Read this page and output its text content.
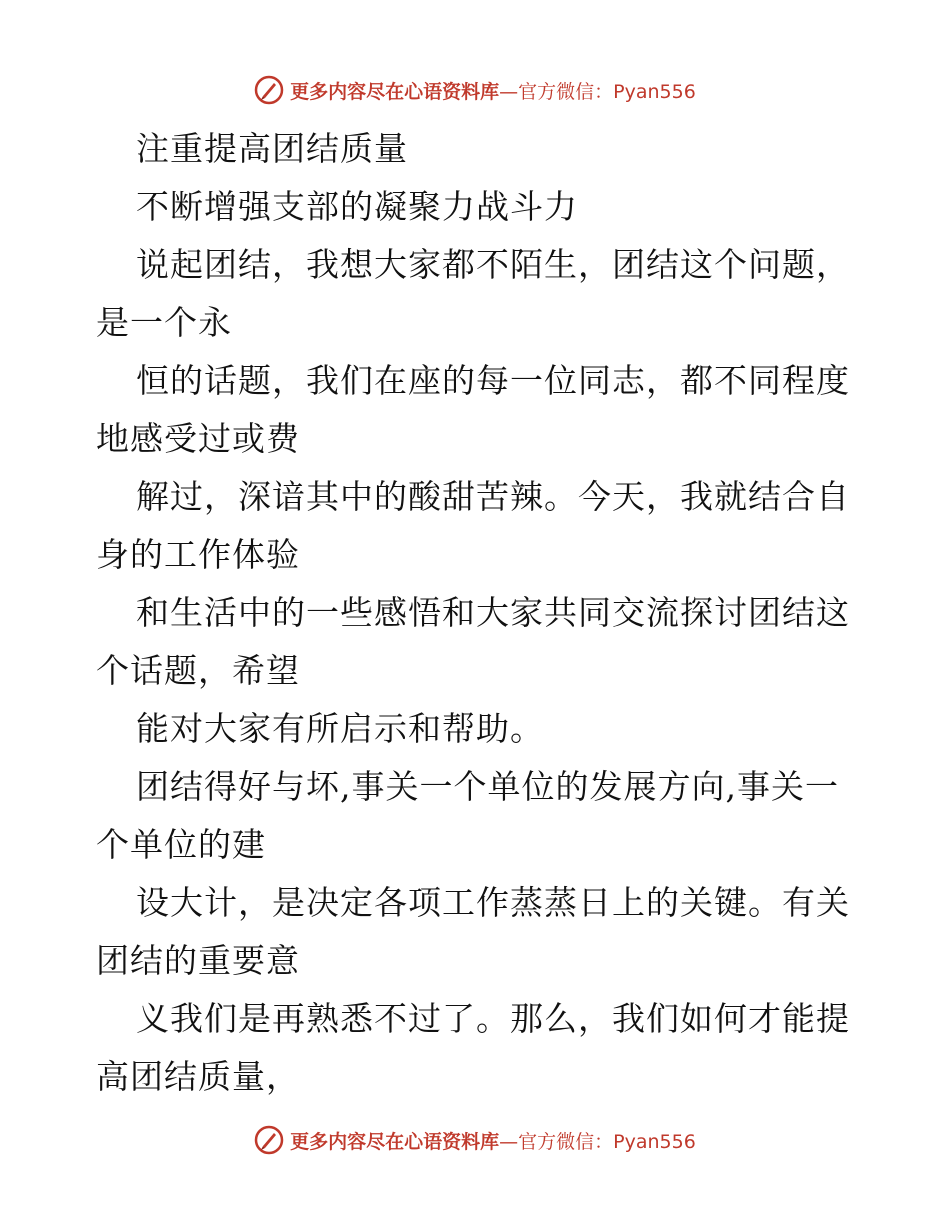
更多内容尽在心语资料库—官方微信：Pyan556
注重提高团结质量
不断增强支部的凝聚力战斗力
说起团结，我想大家都不陌生，团结这个问题，
是一个永
恒的话题，我们在座的每一位同志，都不同程度
地感受过或费
解过，深谙其中的酸甜苦辣。今天，我就结合自
身的工作体验
和生活中的一些感悟和大家共同交流探讨团结这
个话题，希望
能对大家有所启示和帮助。
团结得好与坏,事关一个单位的发展方向,事关一
个单位的建
设大计，是决定各项工作蒸蒸日上的关键。有关
团结的重要意
义我们是再熟悉不过了。那么，我们如何才能提
高团结质量，
更多内容尽在心语资料库—官方微信：Pyan556
